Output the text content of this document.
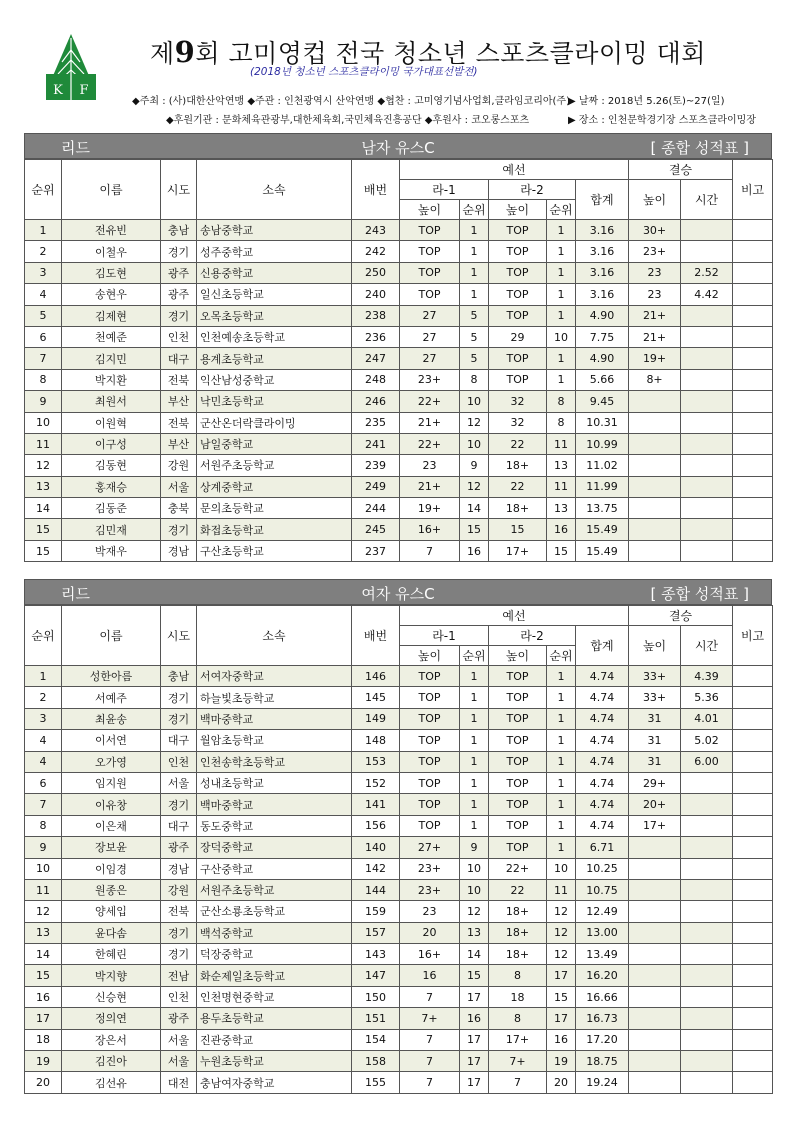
K F
제9회 고미영컵 전국 청소년 스포츠클라이밍 대회
(2018년 청소년 스포츠클라이밍 국가대표선발전)
◆주최 : (사)대한산악연맹 ◆주관 : 인천광역시 산악연맹 ◆협찬 : 고미영기념사업회,클라임코리아(주)
◆후원기관 : 문화체육관광부,대한체육회,국민체육진흥공단 ◆후원사 : 코오롱스포츠
▶ 날짜 : 2018년 5.26(토)~27(일)
▶ 장소 : 인천문학경기장 스포츠클라이밍장
리드	남자 유스C	[ 종합 성적표 ]
순위	이름	시도	소속	배번	예선					결승		비고
					라-1		라-2		합계	높이	시간	
					높이	순위	높이	순위				
1	전유빈	충남	송남중학교	243	TOP	1	TOP	1	3.16	30+		
2	이철우	경기	성주중학교	242	TOP	1	TOP	1	3.16	23+		
3	김도현	광주	신용중학교	250	TOP	1	TOP	1	3.16	23	2.52	
4	송현우	광주	일신초등학교	240	TOP	1	TOP	1	3.16	23	4.42	
5	김제현	경기	오목초등학교	238	27	5	TOP	1	4.90	21+		
6	천예준	인천	인천예송초등학교	236	27	5	29	10	7.75	21+		
7	김지민	대구	용계초등학교	247	27	5	TOP	1	4.90	19+		
8	박지환	전북	익산남성중학교	248	23+	8	TOP	1	5.66	8+		
9	최원서	부산	낙민초등학교	246	22+	10	32	8	9.45			
10	이원혁	전북	군산온더락클라이밍	235	21+	12	32	8	10.31			
11	이구성	부산	남일중학교	241	22+	10	22	11	10.99			
12	김동현	강원	서원주초등학교	239	23	9	18+	13	11.02			
13	홍재승	서울	상계중학교	249	21+	12	22	11	11.99			
14	김동준	충북	문의초등학교	244	19+	14	18+	13	13.75			
15	김민재	경기	화접초등학교	245	16+	15	15	16	15.49			
15	박재우	경남	구산초등학교	237	7	16	17+	15	15.49			
리드	여자 유스C	[ 종합 성적표 ]
순위	이름	시도	소속	배번	예선					결승		비고
					라-1		라-2		합계	높이	시간	
					높이	순위	높이	순위				
1	성한아름	충남	서여자중학교	146	TOP	1	TOP	1	4.74	33+	4.39	
2	서예주	경기	하늘빛초등학교	145	TOP	1	TOP	1	4.74	33+	5.36	
3	최윤송	경기	백마중학교	149	TOP	1	TOP	1	4.74	31	4.01	
4	이서연	대구	월암초등학교	148	TOP	1	TOP	1	4.74	31	5.02	
4	오가영	인천	인천송학초등학교	153	TOP	1	TOP	1	4.74	31	6.00	
6	임지원	서울	성내초등학교	152	TOP	1	TOP	1	4.74	29+		
7	이유창	경기	백마중학교	141	TOP	1	TOP	1	4.74	20+		
8	이은채	대구	동도중학교	156	TOP	1	TOP	1	4.74	17+		
9	장보윤	광주	장덕중학교	140	27+	9	TOP	1	6.71			
10	이임경	경남	구산중학교	142	23+	10	22+	10	10.25			
11	원종은	강원	서원주초등학교	144	23+	10	22	11	10.75			
12	양세입	전북	군산소룡초등학교	159	23	12	18+	12	12.49			
13	윤다솜	경기	백석중학교	157	20	13	18+	12	13.00			
14	한혜린	경기	덕장중학교	143	16+	14	18+	12	13.49			
15	박지향	전남	화순제일초등학교	147	16	15	8	17	16.20			
16	신승현	인천	인천명현중학교	150	7	17	18	15	16.66			
17	정의연	광주	용두초등학교	151	7+	16	8	17	16.73			
18	장은서	서울	진관중학교	154	7	17	17+	16	17.20			
19	김진아	서울	누원초등학교	158	7	17	7+	19	18.75			
20	김선유	대전	충남여자중학교	155	7	17	7	20	19.24			
